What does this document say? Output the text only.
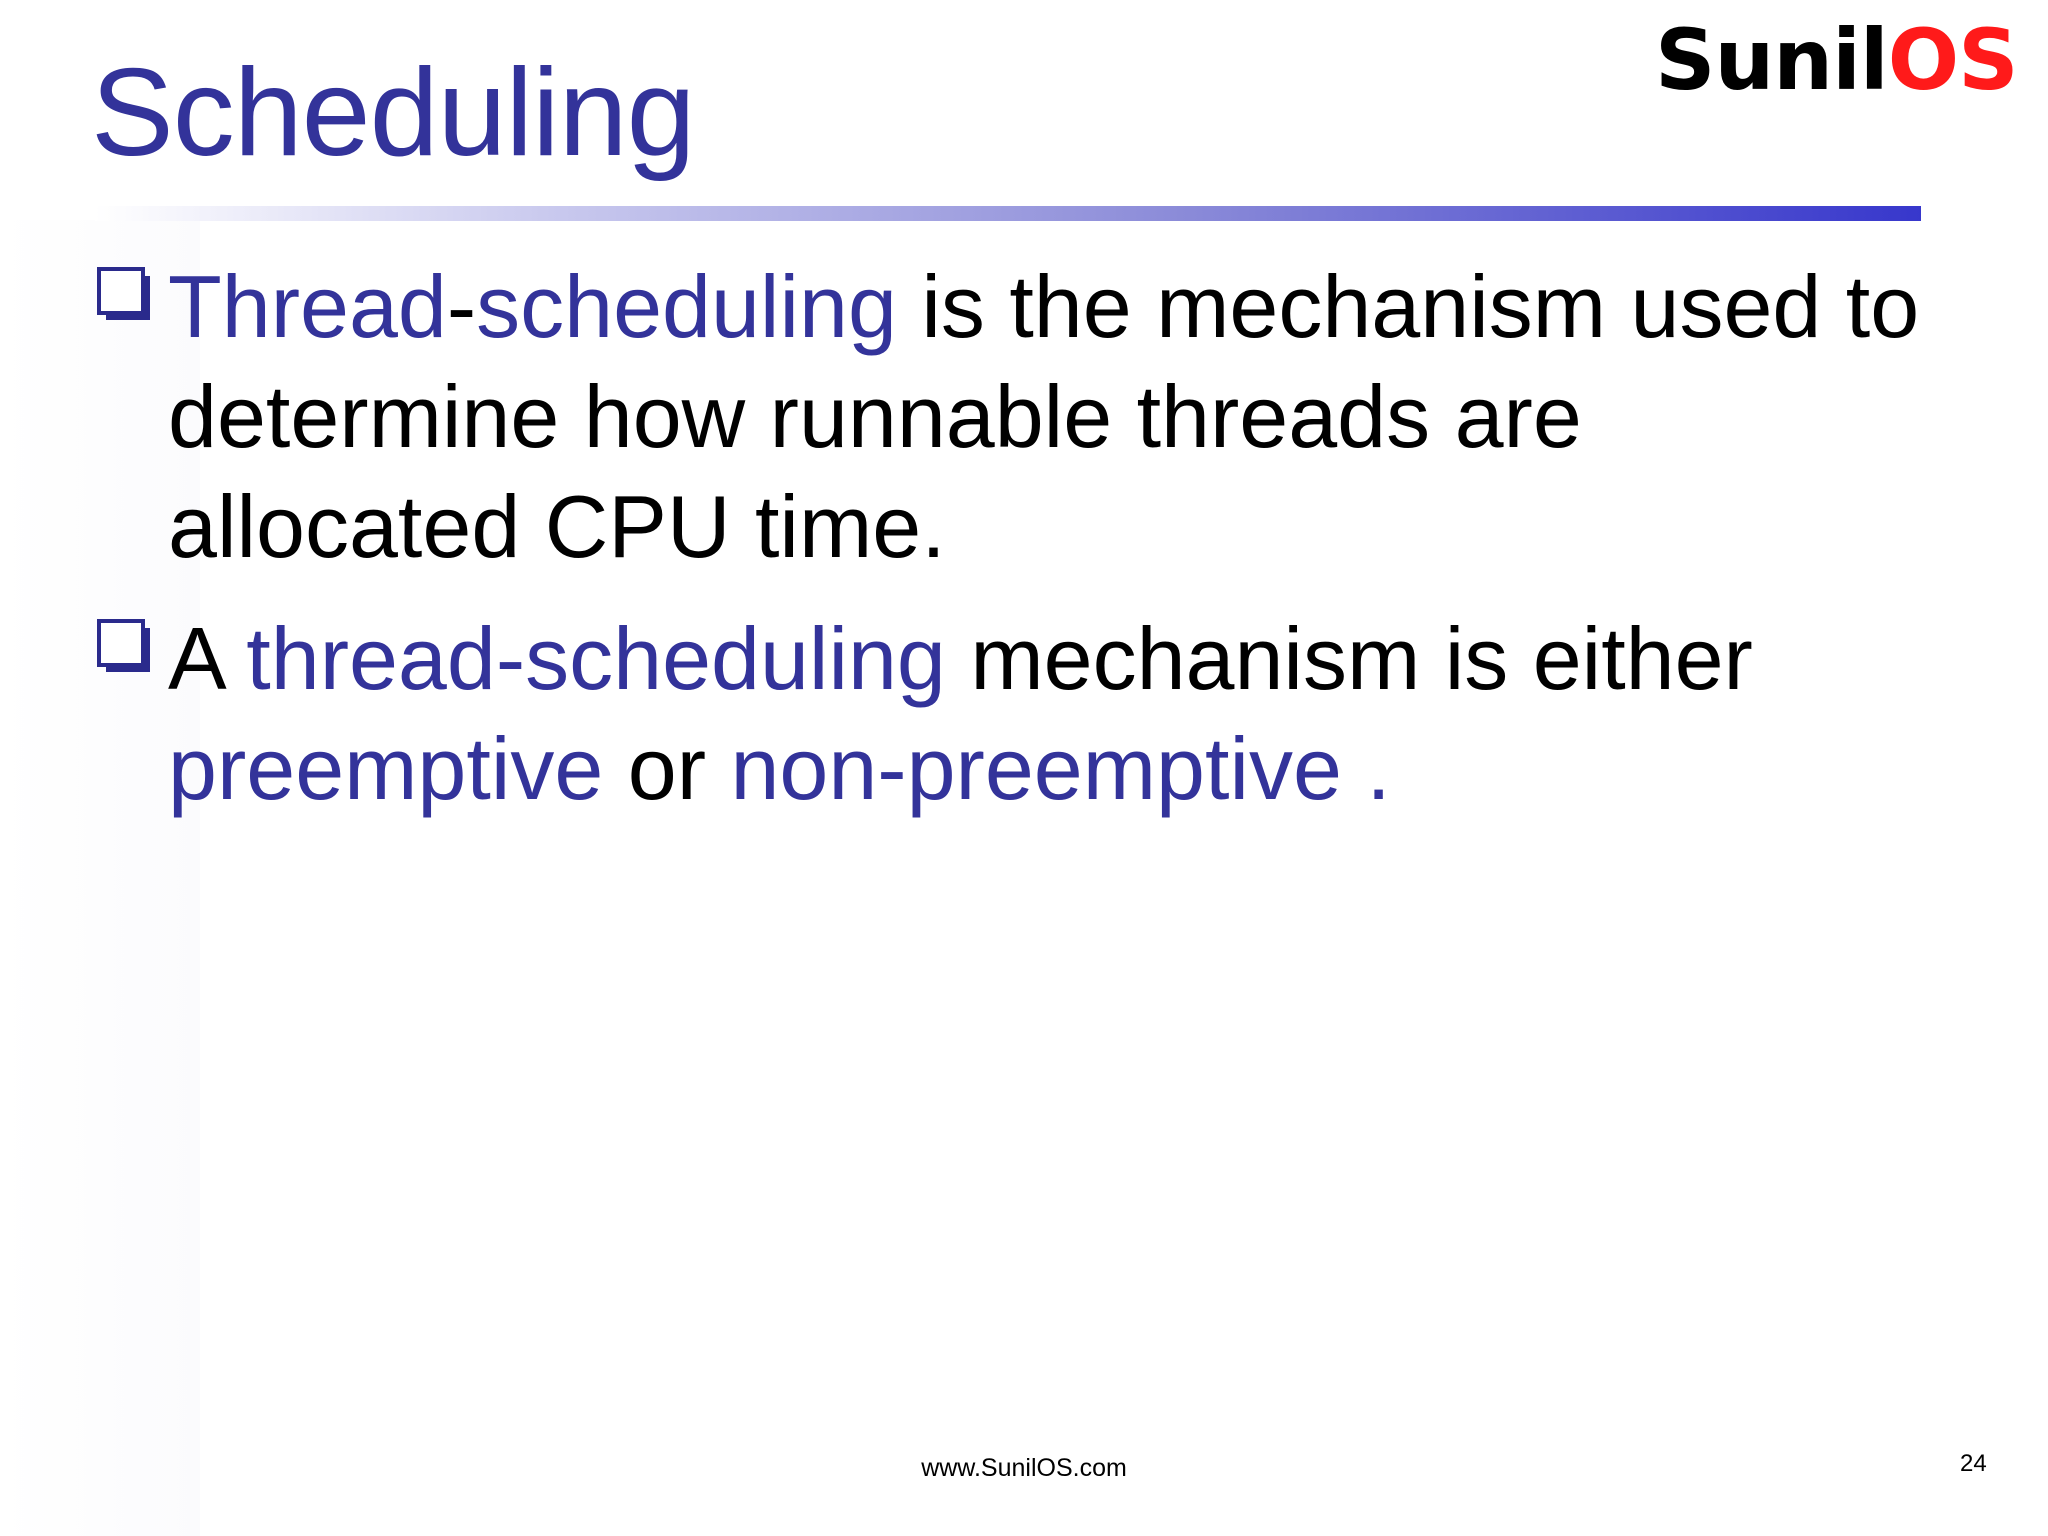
Scheduling	SunilOS
Thread-scheduling is the mechanism used to determine how runnable threads are allocated CPU time.
A thread-scheduling mechanism is either preemptive or non-preemptive .
www.SunilOS.com	24
